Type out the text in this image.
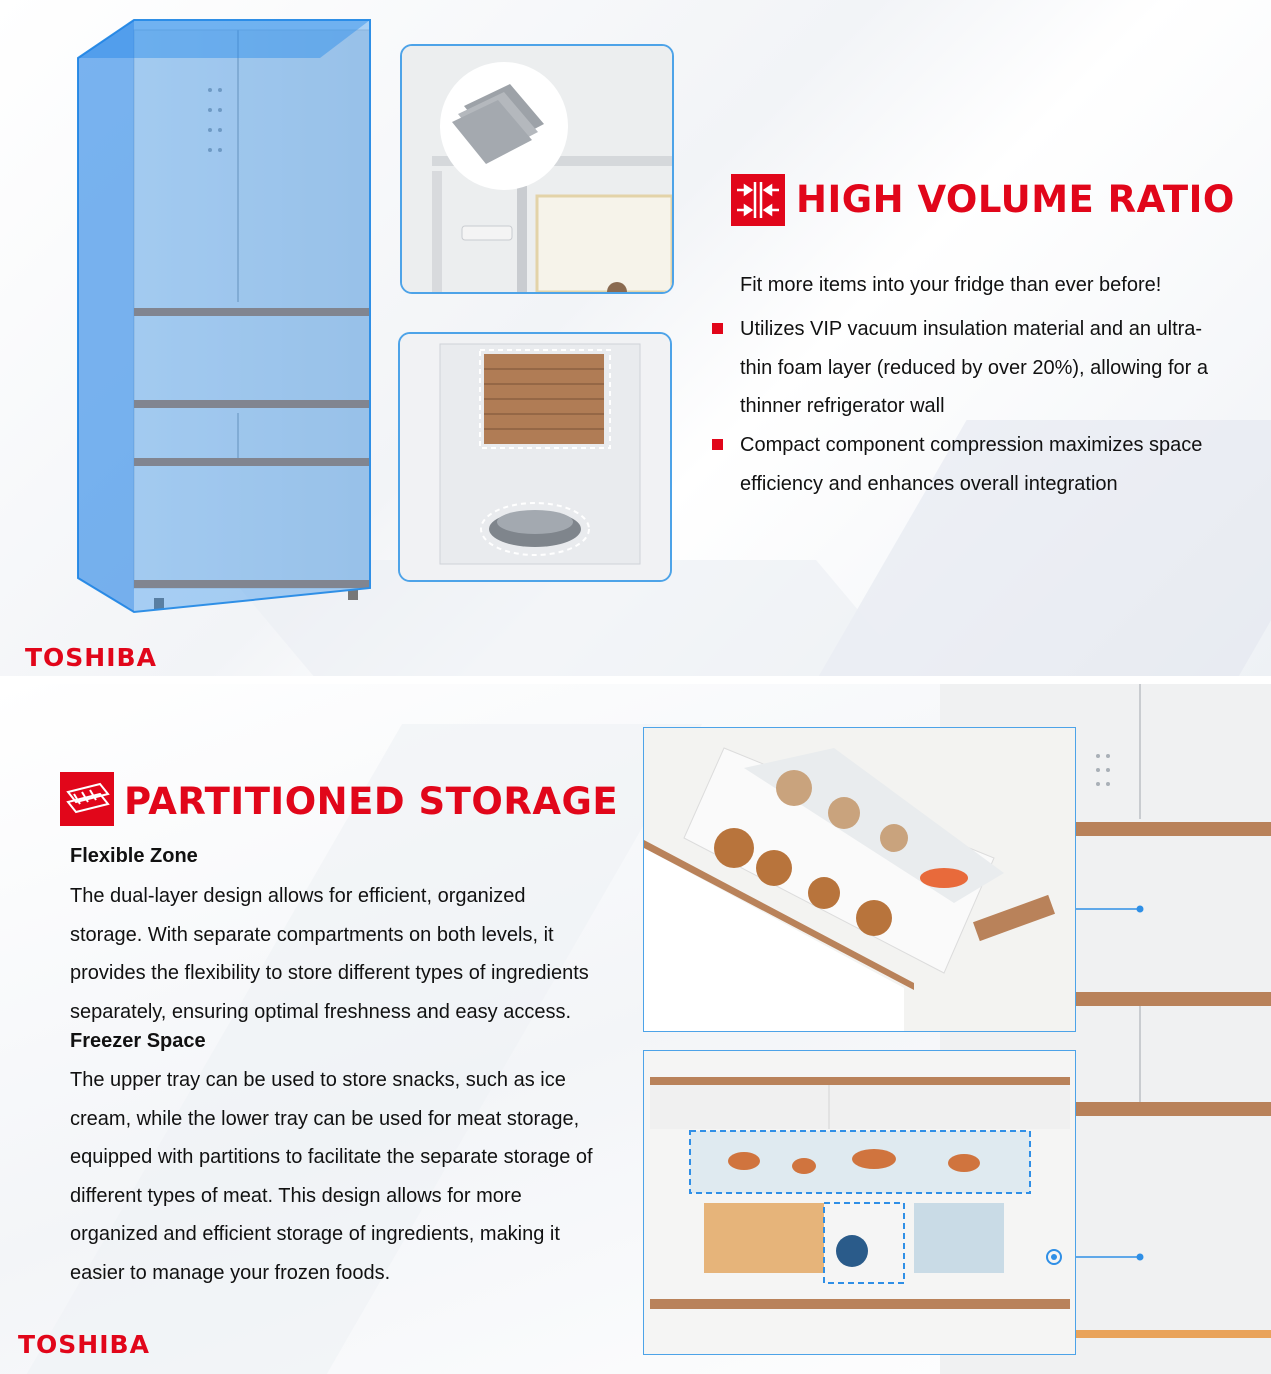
HIGH VOLUME RATIO
Fit more items into your fridge than ever before!
Utilizes VIP vacuum insulation material and an ultra-thin foam layer (reduced by over 20%), allowing for a thinner refrigerator wall
Compact component compression maximizes space efficiency and enhances overall integration
TOSHIBA
PARTITIONED STORAGE
Flexible Zone
The dual-layer design allows for efficient, organized storage. With separate compartments on both levels, it provides the flexibility to store different types of ingredients separately, ensuring optimal freshness and easy access.
Freezer Space
The upper tray can be used to store snacks, such as ice cream, while the lower tray can be used for meat storage, equipped with partitions to facilitate the separate storage of different types of meat. This design allows for more organized and efficient storage of ingredients, making it easier to manage your frozen foods.
TOSHIBA
